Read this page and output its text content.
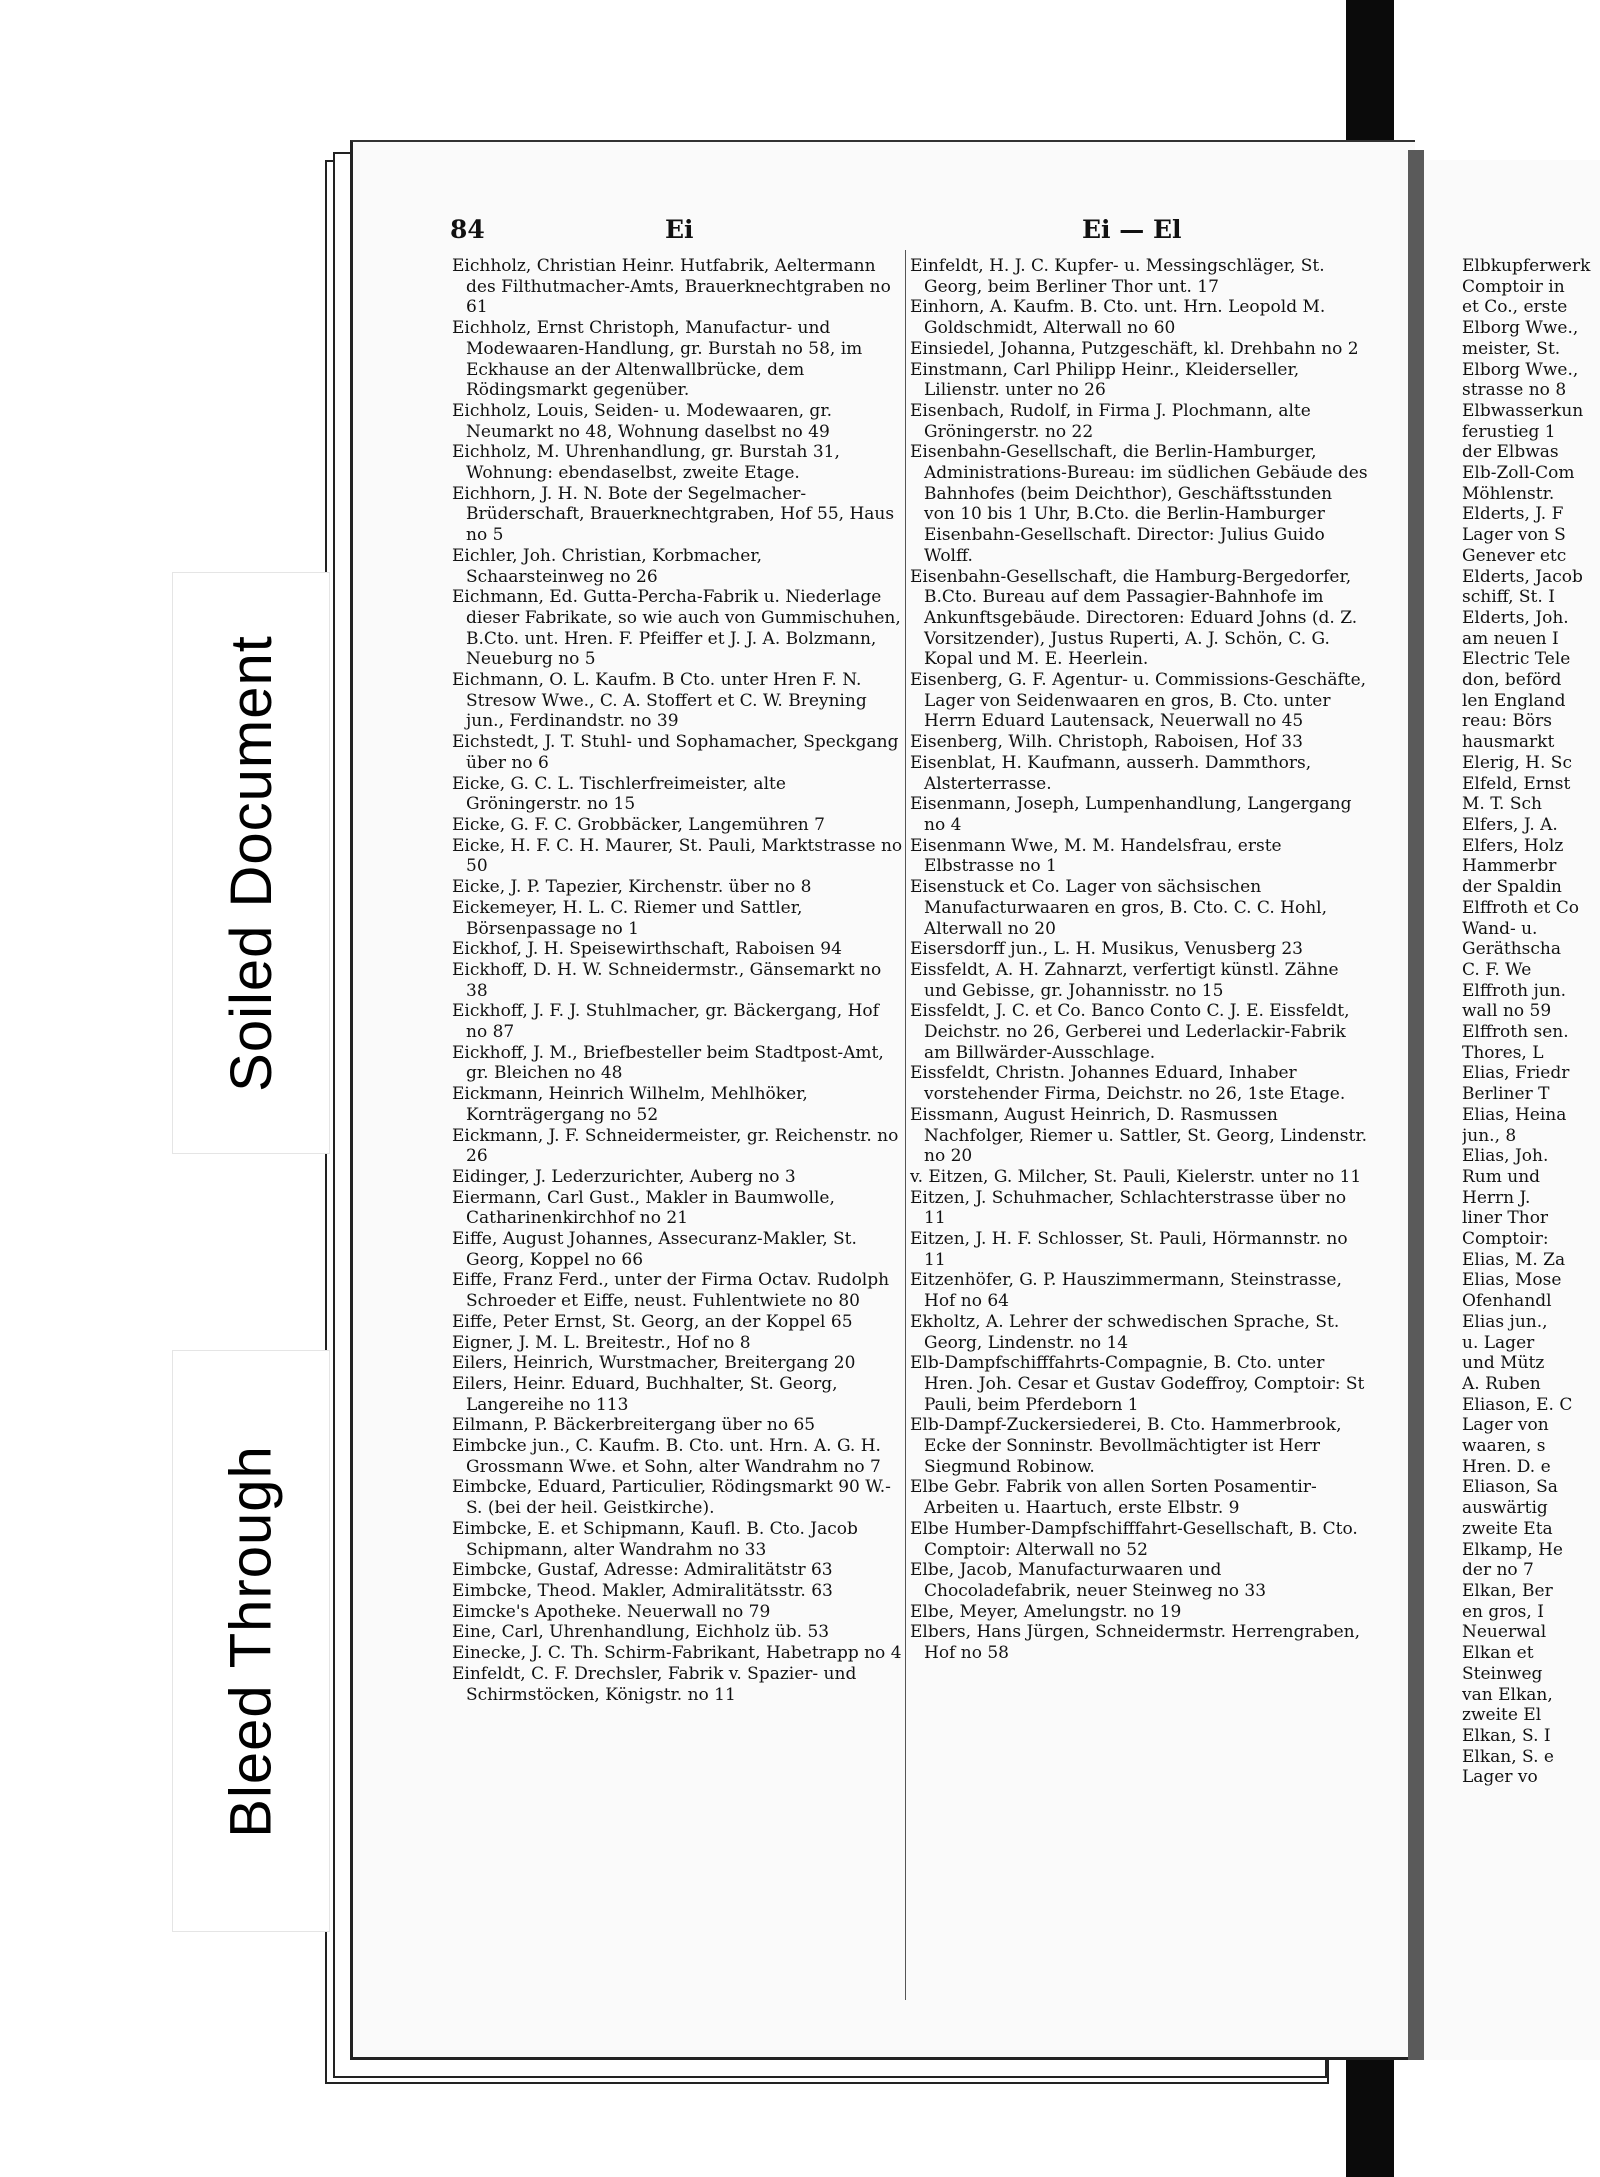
Soiled Document
Bleed Through
84	Ei	Ei — El

Eichholz, Christian Heinr. Hutfabrik, Aeltermann des Filthutmacher-Amts, Brauerknechtgraben no 61

Eichholz, Ernst Christoph, Manufactur- und Modewaaren-Handlung, gr. Burstah no 58, im Eckhause an der Altenwallbrücke, dem Rödingsmarkt gegenüber.

Eichholz, Louis, Seiden- u. Modewaaren, gr. Neumarkt no 48, Wohnung daselbst no 49

Eichholz, M. Uhrenhandlung, gr. Burstah 31, Wohnung: ebendaselbst, zweite Etage.

Eichhorn, J. H. N. Bote der Segelmacher-Brüderschaft, Brauerknechtgraben, Hof 55, Haus no 5

Eichler, Joh. Christian, Korbmacher, Schaarsteinweg no 26

Eichmann, Ed. Gutta-Percha-Fabrik u. Niederlage dieser Fabrikate, so wie auch von Gummischuhen, B.Cto. unt. Hren. F. Pfeiffer et J. J. A. Bolzmann, Neueburg no 5

Eichmann, O. L. Kaufm. B Cto. unter Hren F. N. Stresow Wwe., C. A. Stoffert et C. W. Breyning jun., Ferdinandstr. no 39

Eichstedt, J. T. Stuhl- und Sophamacher, Speckgang über no 6

Eicke, G. C. L. Tischlerfreimeister, alte Gröningerstr. no 15

Eicke, G. F. C. Grobbäcker, Langemühren 7

Eicke, H. F. C. H. Maurer, St. Pauli, Marktstrasse no 50

Eicke, J. P. Tapezier, Kirchenstr. über no 8

Eickemeyer, H. L. C. Riemer und Sattler, Börsenpassage no 1

Eickhof, J. H. Speisewirthschaft, Raboisen 94

Eickhoff, D. H. W. Schneidermstr., Gänsemarkt no 38

Eickhoff, J. F. J. Stuhlmacher, gr. Bäckergang, Hof no 87

Eickhoff, J. M., Briefbesteller beim Stadtpost-Amt, gr. Bleichen no 48

Eickmann, Heinrich Wilhelm, Mehlhöker, Kornträgergang no 52

Eickmann, J. F. Schneidermeister, gr. Reichenstr. no 26

Eidinger, J. Lederzurichter, Auberg no 3

Eiermann, Carl Gust., Makler in Baumwolle, Catharinenkirchhof no 21

Eiffe, August Johannes, Assecuranz-Makler, St. Georg, Koppel no 66

Eiffe, Franz Ferd., unter der Firma Octav. Rudolph Schroeder et Eiffe, neust. Fuhlentwiete no 80

Eiffe, Peter Ernst, St. Georg, an der Koppel 65

Eigner, J. M. L. Breitestr., Hof no 8

Eilers, Heinrich, Wurstmacher, Breitergang 20

Eilers, Heinr. Eduard, Buchhalter, St. Georg, Langereihe no 113

Eilmann, P. Bäckerbreitergang über no 65

Eimbcke jun., C. Kaufm. B. Cto. unt. Hrn. A. G. H. Grossmann Wwe. et Sohn, alter Wandrahm no 7

Eimbcke, Eduard, Particulier, Rödingsmarkt 90 W.-S. (bei der heil. Geistkirche).

Eimbcke, E. et Schipmann, Kaufl. B. Cto. Jacob Schipmann, alter Wandrahm no 33

Eimbcke, Gustaf, Adresse: Admiralitätstr 63

Eimbcke, Theod. Makler, Admiralitätsstr. 63

Eimcke's Apotheke. Neuerwall no 79

Eine, Carl, Uhrenhandlung, Eichholz üb. 53

Einecke, J. C. Th. Schirm-Fabrikant, Habetrapp no 4

Einfeldt, C. F. Drechsler, Fabrik v. Spazier- und Schirmstöcken, Königstr. no 11

Einfeldt, H. J. C. Kupfer- u. Messingschläger, St. Georg, beim Berliner Thor unt. 17

Einhorn, A. Kaufm. B. Cto. unt. Hrn. Leopold M. Goldschmidt, Alterwall no 60

Einsiedel, Johanna, Putzgeschäft, kl. Drehbahn no 2

Einstmann, Carl Philipp Heinr., Kleiderseller, Lilienstr. unter no 26

Eisenbach, Rudolf, in Firma J. Plochmann, alte Gröningerstr. no 22

Eisenbahn-Gesellschaft, die Berlin-Hamburger, Administrations-Bureau: im südlichen Gebäude des Bahnhofes (beim Deichthor), Geschäftsstunden von 10 bis 1 Uhr, B.Cto. die Berlin-Hamburger Eisenbahn-Gesellschaft. Director: Julius Guido Wolff.

Eisenbahn-Gesellschaft, die Hamburg-Bergedorfer, B.Cto. Bureau auf dem Passagier-Bahnhofe im Ankunftsgebäude. Directoren: Eduard Johns (d. Z. Vorsitzender), Justus Ruperti, A. J. Schön, C. G. Kopal und M. E. Heerlein.

Eisenberg, G. F. Agentur- u. Commissions-Geschäfte, Lager von Seidenwaaren en gros, B. Cto. unter Herrn Eduard Lautensack, Neuerwall no 45

Eisenberg, Wilh. Christoph, Raboisen, Hof 33

Eisenblat, H. Kaufmann, ausserh. Dammthors, Alsterterrasse.

Eisenmann, Joseph, Lumpenhandlung, Langergang no 4

Eisenmann Wwe, M. M. Handelsfrau, erste Elbstrasse no 1

Eisenstuck et Co. Lager von sächsischen Manufacturwaaren en gros, B. Cto. C. C. Hohl, Alterwall no 20

Eisersdorff jun., L. H. Musikus, Venusberg 23

Eissfeldt, A. H. Zahnarzt, verfertigt künstl. Zähne und Gebisse, gr. Johannisstr. no 15

Eissfeldt, J. C. et Co. Banco Conto C. J. E. Eissfeldt, Deichstr. no 26, Gerberei und Lederlackir-Fabrik am Billwärder-Ausschlage.

Eissfeldt, Christn. Johannes Eduard, Inhaber vorstehender Firma, Deichstr. no 26, 1ste Etage.

Eissmann, August Heinrich, D. Rasmussen Nachfolger, Riemer u. Sattler, St. Georg, Lindenstr. no 20

v. Eitzen, G. Milcher, St. Pauli, Kielerstr. unter no 11

Eitzen, J. Schuhmacher, Schlachterstrasse über no 11

Eitzen, J. H. F. Schlosser, St. Pauli, Hörmannstr. no 11

Eitzenhöfer, G. P. Hauszimmermann, Steinstrasse, Hof no 64

Ekholtz, A. Lehrer der schwedischen Sprache, St. Georg, Lindenstr. no 14

Elb-Dampfschifffahrts-Compagnie, B. Cto. unter Hren. Joh. Cesar et Gustav Godeffroy, Comptoir: St Pauli, beim Pferdeborn 1

Elb-Dampf-Zuckersiederei, B. Cto. Hammerbrook, Ecke der Sonninstr. Bevollmächtigter ist Herr Siegmund Robinow.

Elbe Gebr. Fabrik von allen Sorten Posamentir-Arbeiten u. Haartuch, erste Elbstr. 9

Elbe Humber-Dampfschifffahrt-Gesellschaft, B. Cto. Comptoir: Alterwall no 52

Elbe, Jacob, Manufacturwaaren und Chocoladefabrik, neuer Steinweg no 33

Elbe, Meyer, Amelungstr. no 19

Elbers, Hans Jürgen, Schneidermstr. Herrengraben, Hof no 58

Elbkupferwerk

Comptoir in

et Co., erste

Elborg Wwe.,

meister, St.

Elborg Wwe.,

strasse no 8

Elbwasserkun

ferustieg 1

der Elbwas

Elb-Zoll-Com

Möhlenstr.

Elderts, J. F

Lager von S

Genever etc

Elderts, Jacob

schiff, St. I

Elderts, Joh.

am neuen I

Electric Tele

don, beförd

len England

reau: Börs

hausmarkt

Elerig, H. Sc

Elfeld, Ernst

M. T. Sch

Elfers, J. A.

Elfers, Holz

Hammerbr

der Spaldin

Elffroth et Co

Wand- u.

Geräthscha

C. F. We

Elffroth jun.

wall no 59

Elffroth sen.

Thores, L

Elias, Friedr

Berliner T

Elias, Heina

jun., 8

Elias, Joh.

Rum und

Herrn J.

liner Thor

Comptoir:

Elias, M. Za

Elias, Mose

Ofenhandl

Elias jun.,

u. Lager

und Mütz

A. Ruben

Eliason, E. C

Lager von

waaren, s

Hren. D. e

Eliason, Sa

auswärtig

zweite Eta

Elkamp, He

der no 7

Elkan, Ber

en gros, I

Neuerwal

Elkan et

Steinweg

van Elkan,

zweite El

Elkan, S. I

Elkan, S. e

Lager vo
